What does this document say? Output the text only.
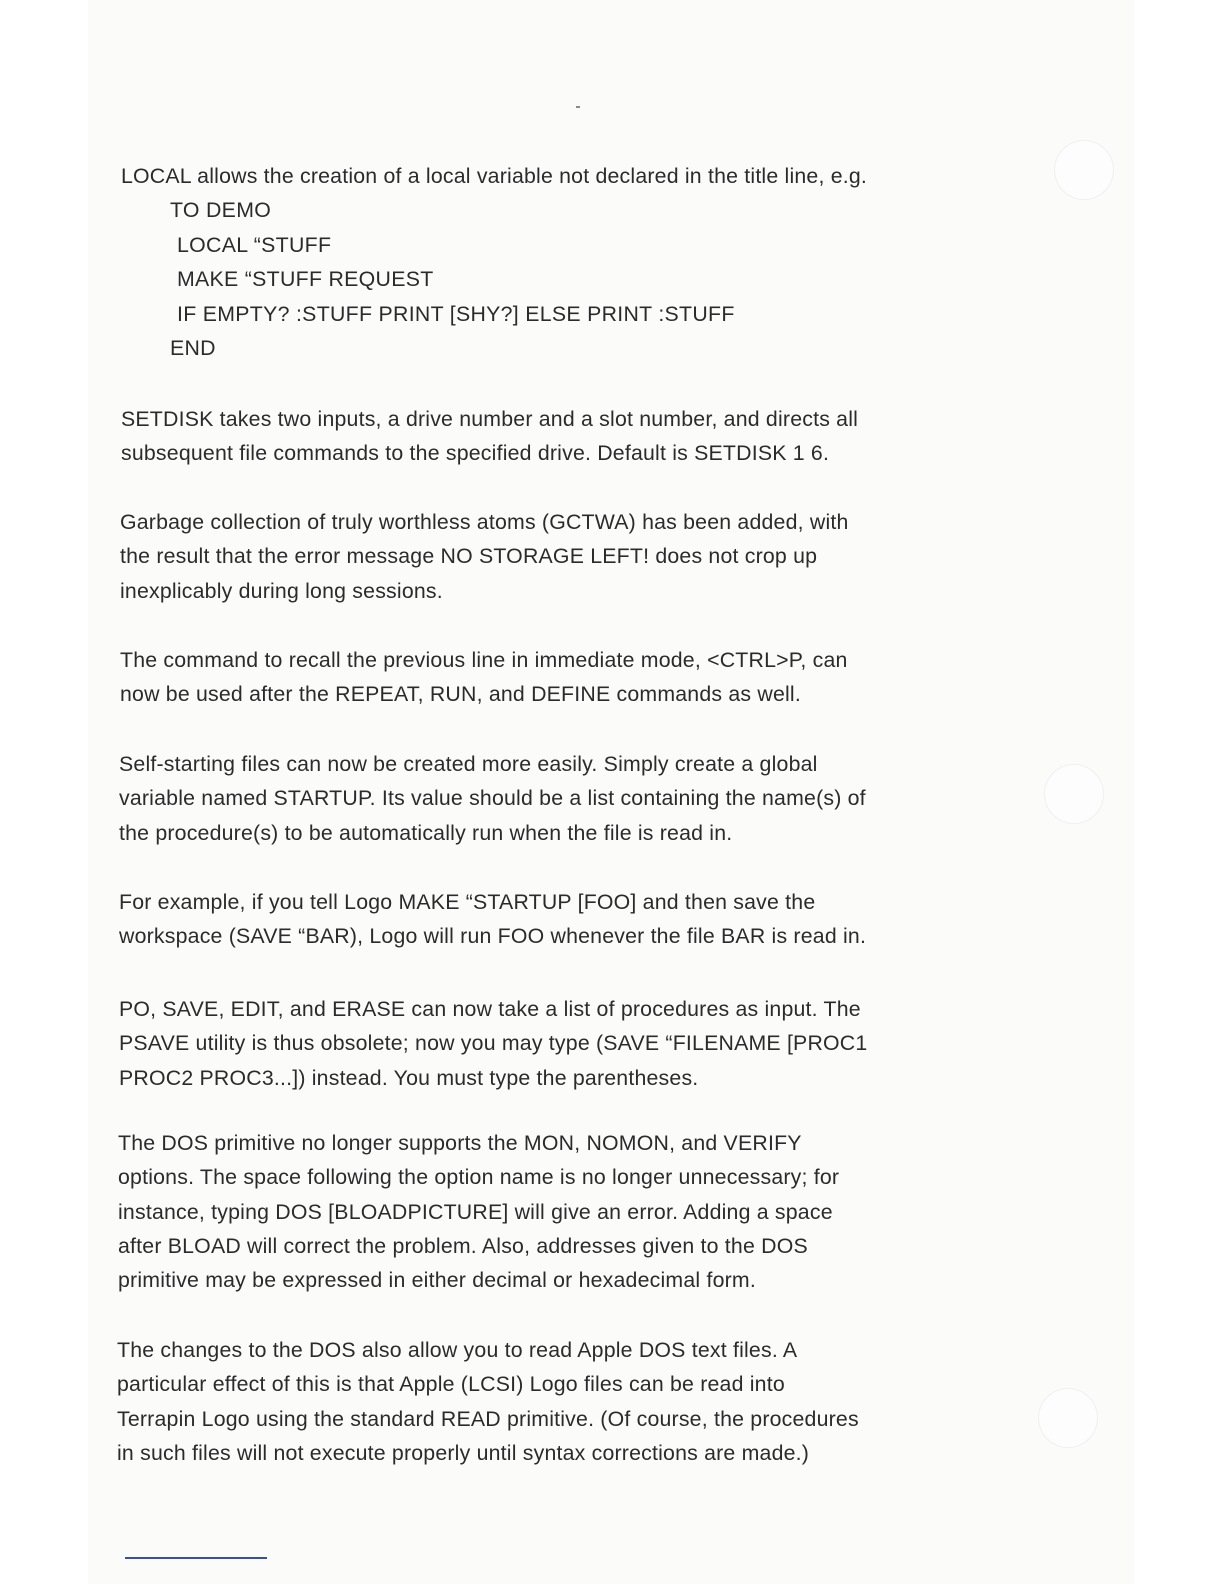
LOCAL allows the creation of a local variable not declared in the title line, e.g.

TO DEMO
LOCAL “STUFF
MAKE “STUFF REQUEST
IF EMPTY? :STUFF PRINT [SHY?] ELSE PRINT :STUFF
END

SETDISK takes two inputs, a drive number and a slot number, and directs all
subsequent file commands to the specified drive. Default is SETDISK 1 6.

Garbage collection of truly worthless atoms (GCTWA) has been added, with
the result that the error message NO STORAGE LEFT! does not crop up
inexplicably during long sessions.

The command to recall the previous line in immediate mode, <CTRL>P, can
now be used after the REPEAT, RUN, and DEFINE commands as well.

Self-starting files can now be created more easily. Simply create a global
variable named STARTUP. Its value should be a list containing the name(s) of
the procedure(s) to be automatically run when the file is read in.

For example, if you tell Logo MAKE “STARTUP [FOO] and then save the
workspace (SAVE “BAR), Logo will run FOO whenever the file BAR is read in.

PO, SAVE, EDIT, and ERASE can now take a list of procedures as input. The
PSAVE utility is thus obsolete; now you may type (SAVE “FILENAME [PROC1
PROC2 PROC3...]) instead. You must type the parentheses.

The DOS primitive no longer supports the MON, NOMON, and VERIFY
options. The space following the option name is no longer unnecessary; for
instance, typing DOS [BLOADPICTURE] will give an error. Adding a space
after BLOAD will correct the problem. Also, addresses given to the DOS
primitive may be expressed in either decimal or hexadecimal form.

The changes to the DOS also allow you to read Apple DOS text files. A
particular effect of this is that Apple (LCSI) Logo files can be read into
Terrapin Logo using the standard READ primitive. (Of course, the procedures
in such files will not execute properly until syntax corrections are made.)
